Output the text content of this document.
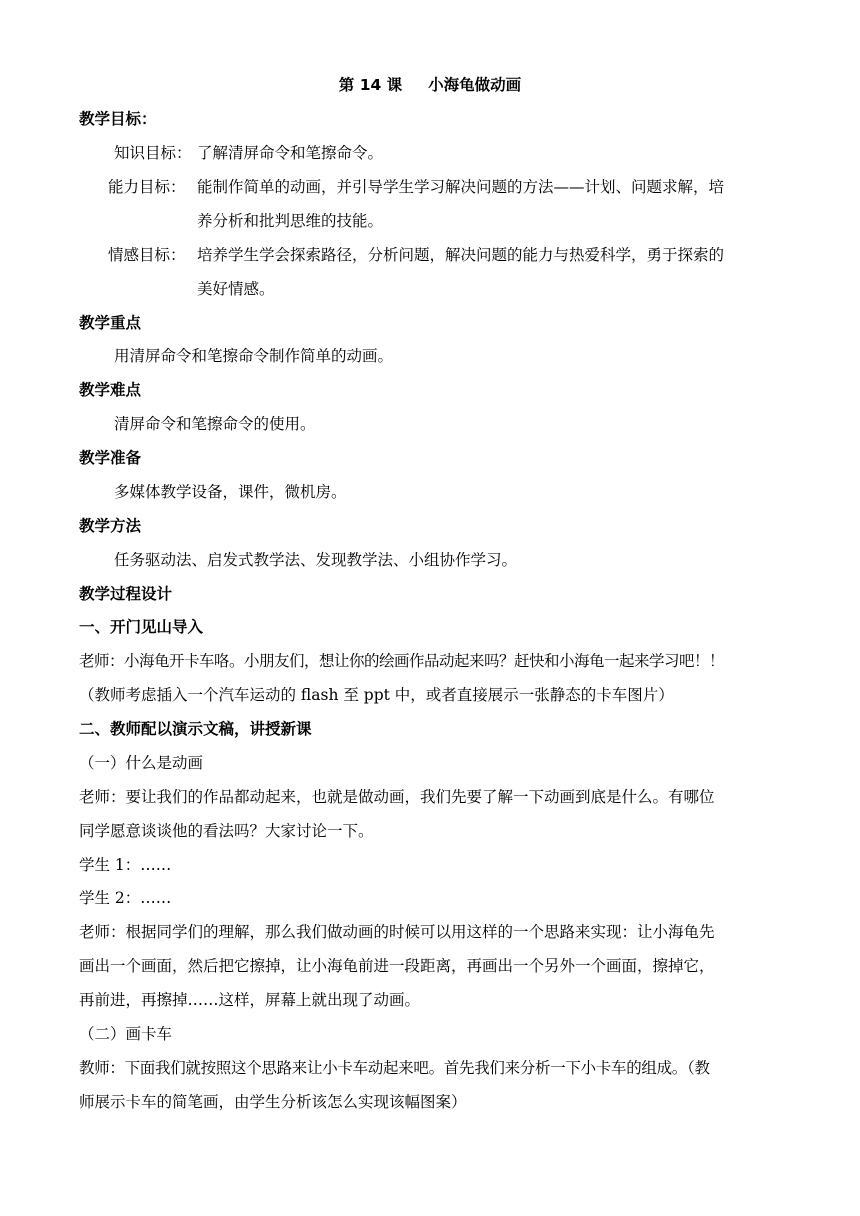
第 14 课 小海龟做动画
教学目标：
知识目标： 了解清屏命令和笔擦命令。
能力目标： 能制作简单的动画，并引导学生学习解决问题的方法——计划、问题求解，培
养分析和批判思维的技能。
情感目标： 培养学生学会探索路径，分析问题，解决问题的能力与热爱科学，勇于探索的
美好情感。
教学重点
用清屏命令和笔擦命令制作简单的动画。
教学难点
清屏命令和笔擦命令的使用。
教学准备
多媒体教学设备，课件，微机房。
教学方法
任务驱动法、启发式教学法、发现教学法、小组协作学习。
教学过程设计
一、开门见山导入
老师：小海龟开卡车咯。小朋友们，想让你的绘画作品动起来吗？赶快和小海龟一起来学习吧！！
（教师考虑插入一个汽车运动的 flash 至 ppt 中，或者直接展示一张静态的卡车图片）
二、教师配以演示文稿，讲授新课
（一）什么是动画
老师：要让我们的作品都动起来，也就是做动画，我们先要了解一下动画到底是什么。有哪位
同学愿意谈谈他的看法吗？大家讨论一下。
学生 1：……
学生 2：……
老师：根据同学们的理解，那么我们做动画的时候可以用这样的一个思路来实现：让小海龟先
画出一个画面，然后把它擦掉，让小海龟前进一段距离，再画出一个另外一个画面，擦掉它，
再前进，再擦掉……这样，屏幕上就出现了动画。
（二）画卡车
教师：下面我们就按照这个思路来让小卡车动起来吧。首先我们来分析一下小卡车的组成。（教
师展示卡车的简笔画，由学生分析该怎么实现该幅图案）
